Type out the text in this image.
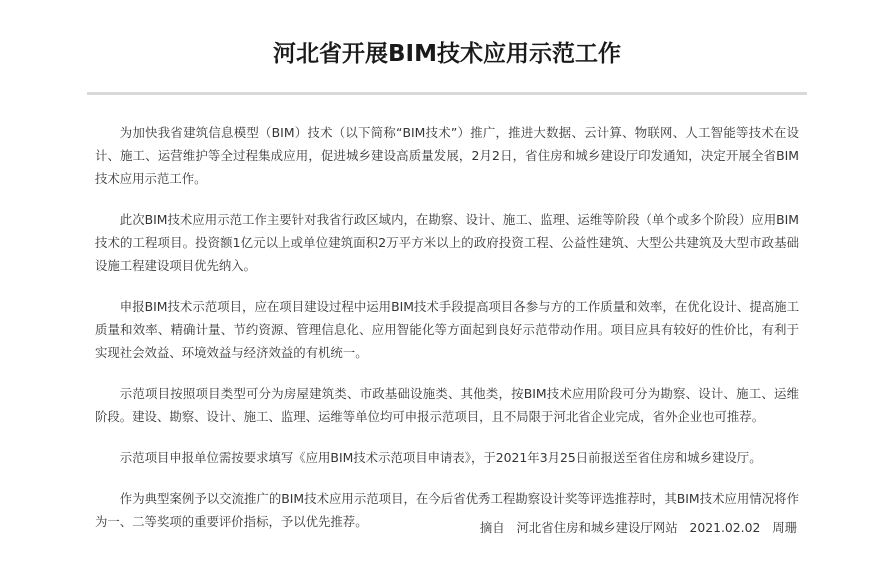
河北省开展BIM技术应用示范工作

为加快我省建筑信息模型（BIM）技术（以下简称“BIM技术”）推广，推进大数据、云计算、物联网、人工智能等技术在设计、施工、运营维护等全过程集成应用，促进城乡建设高质量发展，2月2日，省住房和城乡建设厅印发通知，决定开展全省BIM技术应用示范工作。

此次BIM技术应用示范工作主要针对我省行政区域内，在勘察、设计、施工、监理、运维等阶段（单个或多个阶段）应用BIM技术的工程项目。投资额1亿元以上或单位建筑面积2万平方米以上的政府投资工程、公益性建筑、大型公共建筑及大型市政基础设施工程建设项目优先纳入。

申报BIM技术示范项目，应在项目建设过程中运用BIM技术手段提高项目各参与方的工作质量和效率，在优化设计、提高施工质量和效率、精确计量、节约资源、管理信息化、应用智能化等方面起到良好示范带动作用。项目应具有较好的性价比，有利于实现社会效益、环境效益与经济效益的有机统一。

示范项目按照项目类型可分为房屋建筑类、市政基础设施类、其他类，按BIM技术应用阶段可分为勘察、设计、施工、运维阶段。建设、勘察、设计、施工、监理、运维等单位均可申报示范项目，且不局限于河北省企业完成，省外企业也可推荐。

示范项目申报单位需按要求填写《应用BIM技术示范项目申请表》，于2021年3月25日前报送至省住房和城乡建设厅。

作为典型案例予以交流推广的BIM技术应用示范项目，在今后省优秀工程勘察设计奖等评选推荐时，其BIM技术应用情况将作为一、二等奖项的重要评价指标，予以优先推荐。	摘自 河北省住房和城乡建设厅网站 2021.02.02 周珊
